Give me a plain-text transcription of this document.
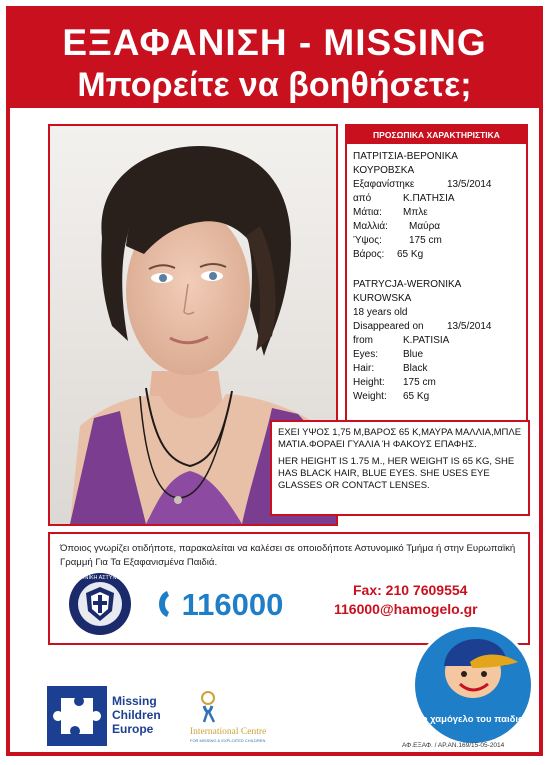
ΕΞΑΦΑΝΙΣΗ - MISSING
Μπορείτε να βοηθήσετε;
ΠΡΟΣΩΠΙΚΑ ΧΑΡΑΚΤΗΡΙΣΤΙΚΑ
ΠΑΤΡΙΤΣΙΑ-ΒΕΡΟΝΙΚΑ
ΚΟΥΡΟΒΣΚΑ
Εξαφανίστηκε	13/5/2014
από	Κ.ΠΑΤΗΣΙΑ
Μάτια: Μπλε
Μαλλιά: Μαύρα
Ύψος:	175 cm
Βάρος: 65 Kg
PATRYCJA-WERONIKA
KUROWSKA
18 years old
Disappeared on 13/5/2014
from	K.PATISIA
Eyes: Blue
Hair:	Black
Height: 175 cm
Weight: 65 Kg

ΕΧΕΙ ΥΨΟΣ 1,75 Μ,ΒΑΡΟΣ 65 Κ,ΜΑΥΡΑ ΜΑΛΛΙΑ,ΜΠΛΕ ΜΑΤΙΑ.ΦΟΡΑΕΙ ΓΥΑΛΙΑ Ή ΦΑΚΟΥΣ ΕΠΑΦΗΣ.

HER HEIGHT IS 1.75 M., HER WEIGHT IS 65 KG, SHE HAS BLACK HAIR, BLUE EYES. SHE USES EYE GLASSES OR CONTACT LENSES.

Όποιος γνωρίζει οτιδήποτε, παρακαλείται να καλέσει σε οποιοδήποτε Αστυνομικό Τμήμα ή στην Ευρωπαϊκή Γραμμή Για Τα Εξαφανισμένα Παιδιά.
ΕΛΛΗΝΙΚΗ ΑΣΤΥΝΟΜΙΑ
116000	Fax: 210 7609554
116000@hamogelo.gr
Missing
Children
Europe	International Centre
FOR MISSING & EXPLOITED CHILDREN
Το χαμόγελο του παιδιού
ΑΦ.ΕΞΑΦ. / ΑΡ.ΑΝ.169/15-05-2014
